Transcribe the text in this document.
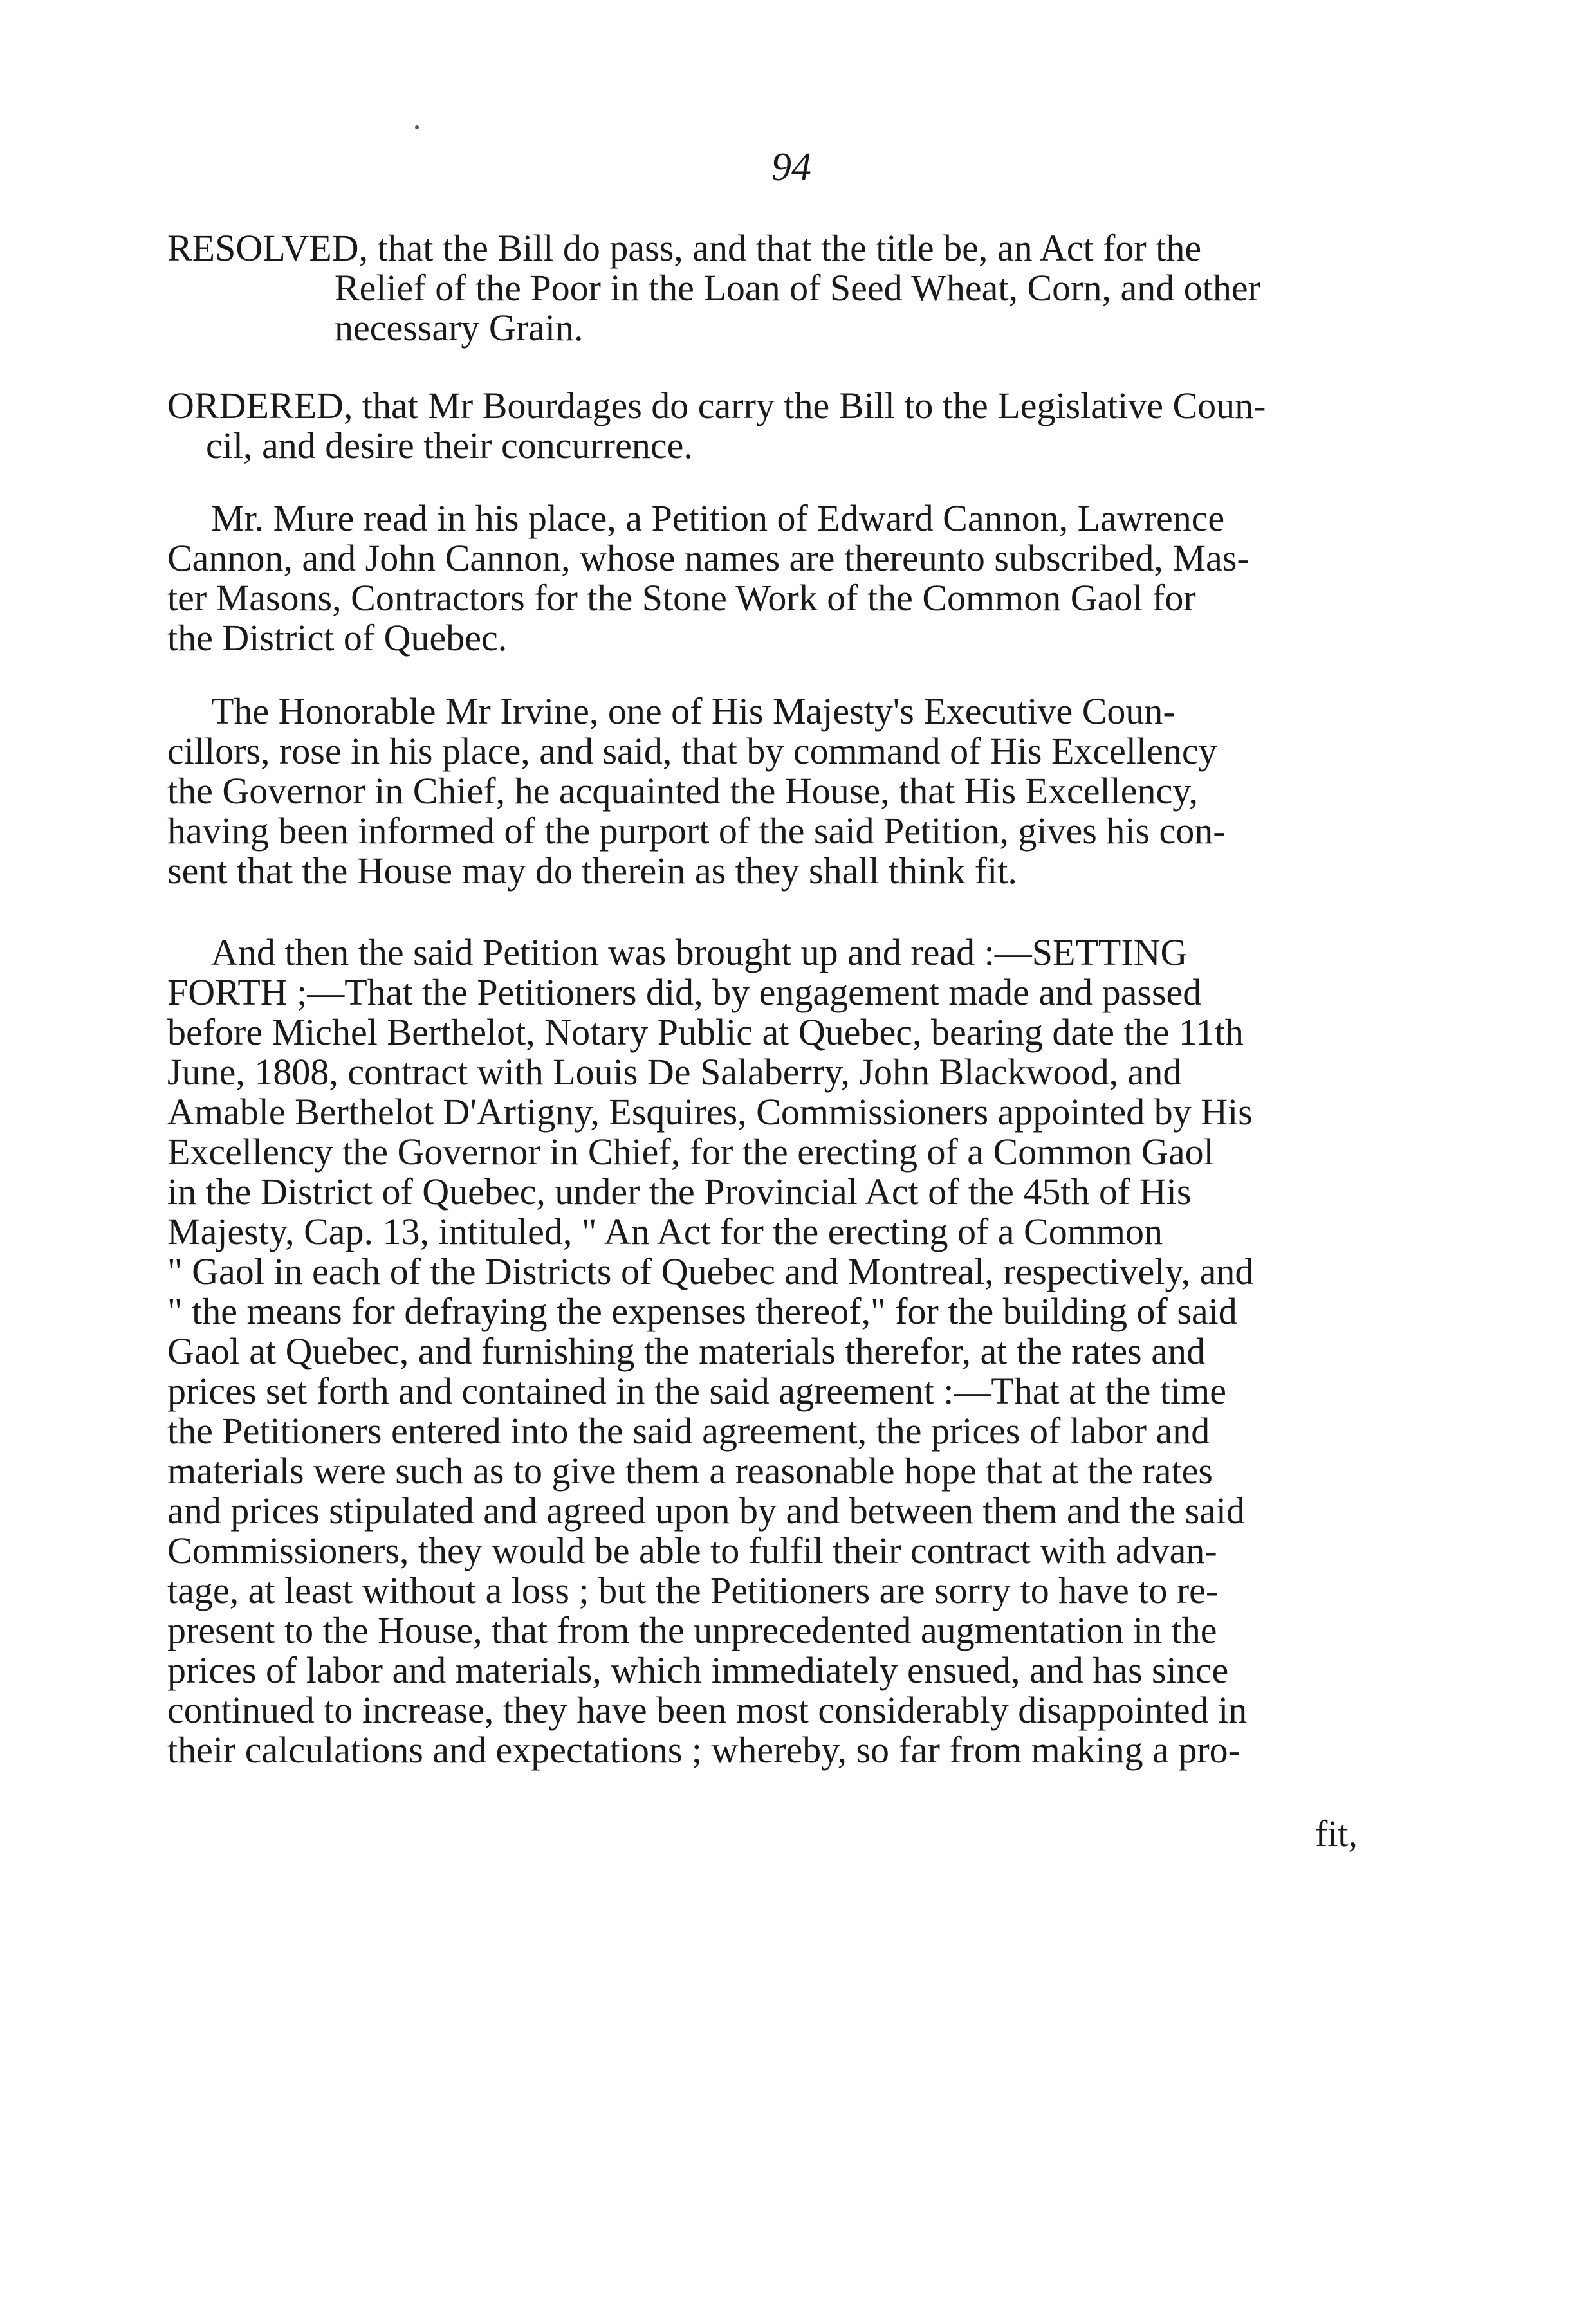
94
RESOLVED, that the Bill do pass, and that the title be, an Act for the
Relief of the Poor in the Loan of Seed Wheat, Corn, and other
necessary Grain.
ORDERED, that Mr Bourdages do carry the Bill to the Legislative Coun-
cil, and desire their concurrence.
Mr. Mure read in his place, a Petition of Edward Cannon, Lawrence
Cannon, and John Cannon, whose names are thereunto subscribed, Mas-
ter Masons, Contractors for the Stone Work of the Common Gaol for
the District of Quebec.
The Honorable Mr Irvine, one of His Majesty's Executive Coun-
cillors, rose in his place, and said, that by command of His Excellency
the Governor in Chief, he acquainted the House, that His Excellency,
having been informed of the purport of the said Petition, gives his con-
sent that the House may do therein as they shall think fit.
And then the said Petition was brought up and read :—SETTING
FORTH ;—That the Petitioners did, by engagement made and passed
before Michel Berthelot, Notary Public at Quebec, bearing date the 11th
June, 1808, contract with Louis De Salaberry, John Blackwood, and
Amable Berthelot D'Artigny, Esquires, Commissioners appointed by His
Excellency the Governor in Chief, for the erecting of a Common Gaol
in the District of Quebec, under the Provincial Act of the 45th of His
Majesty, Cap. 13, intituled, " An Act for the erecting of a Common
" Gaol in each of the Districts of Quebec and Montreal, respectively, and
" the means for defraying the expenses thereof," for the building of said
Gaol at Quebec, and furnishing the materials therefor, at the rates and
prices set forth and contained in the said agreement :—That at the time
the Petitioners entered into the said agreement, the prices of labor and
materials were such as to give them a reasonable hope that at the rates
and prices stipulated and agreed upon by and between them and the said
Commissioners, they would be able to fulfil their contract with advan-
tage, at least without a loss ; but the Petitioners are sorry to have to re-
present to the House, that from the unprecedented augmentation in the
prices of labor and materials, which immediately ensued, and has since
continued to increase, they have been most considerably disappointed in
their calculations and expectations ; whereby, so far from making a pro-
fit,
